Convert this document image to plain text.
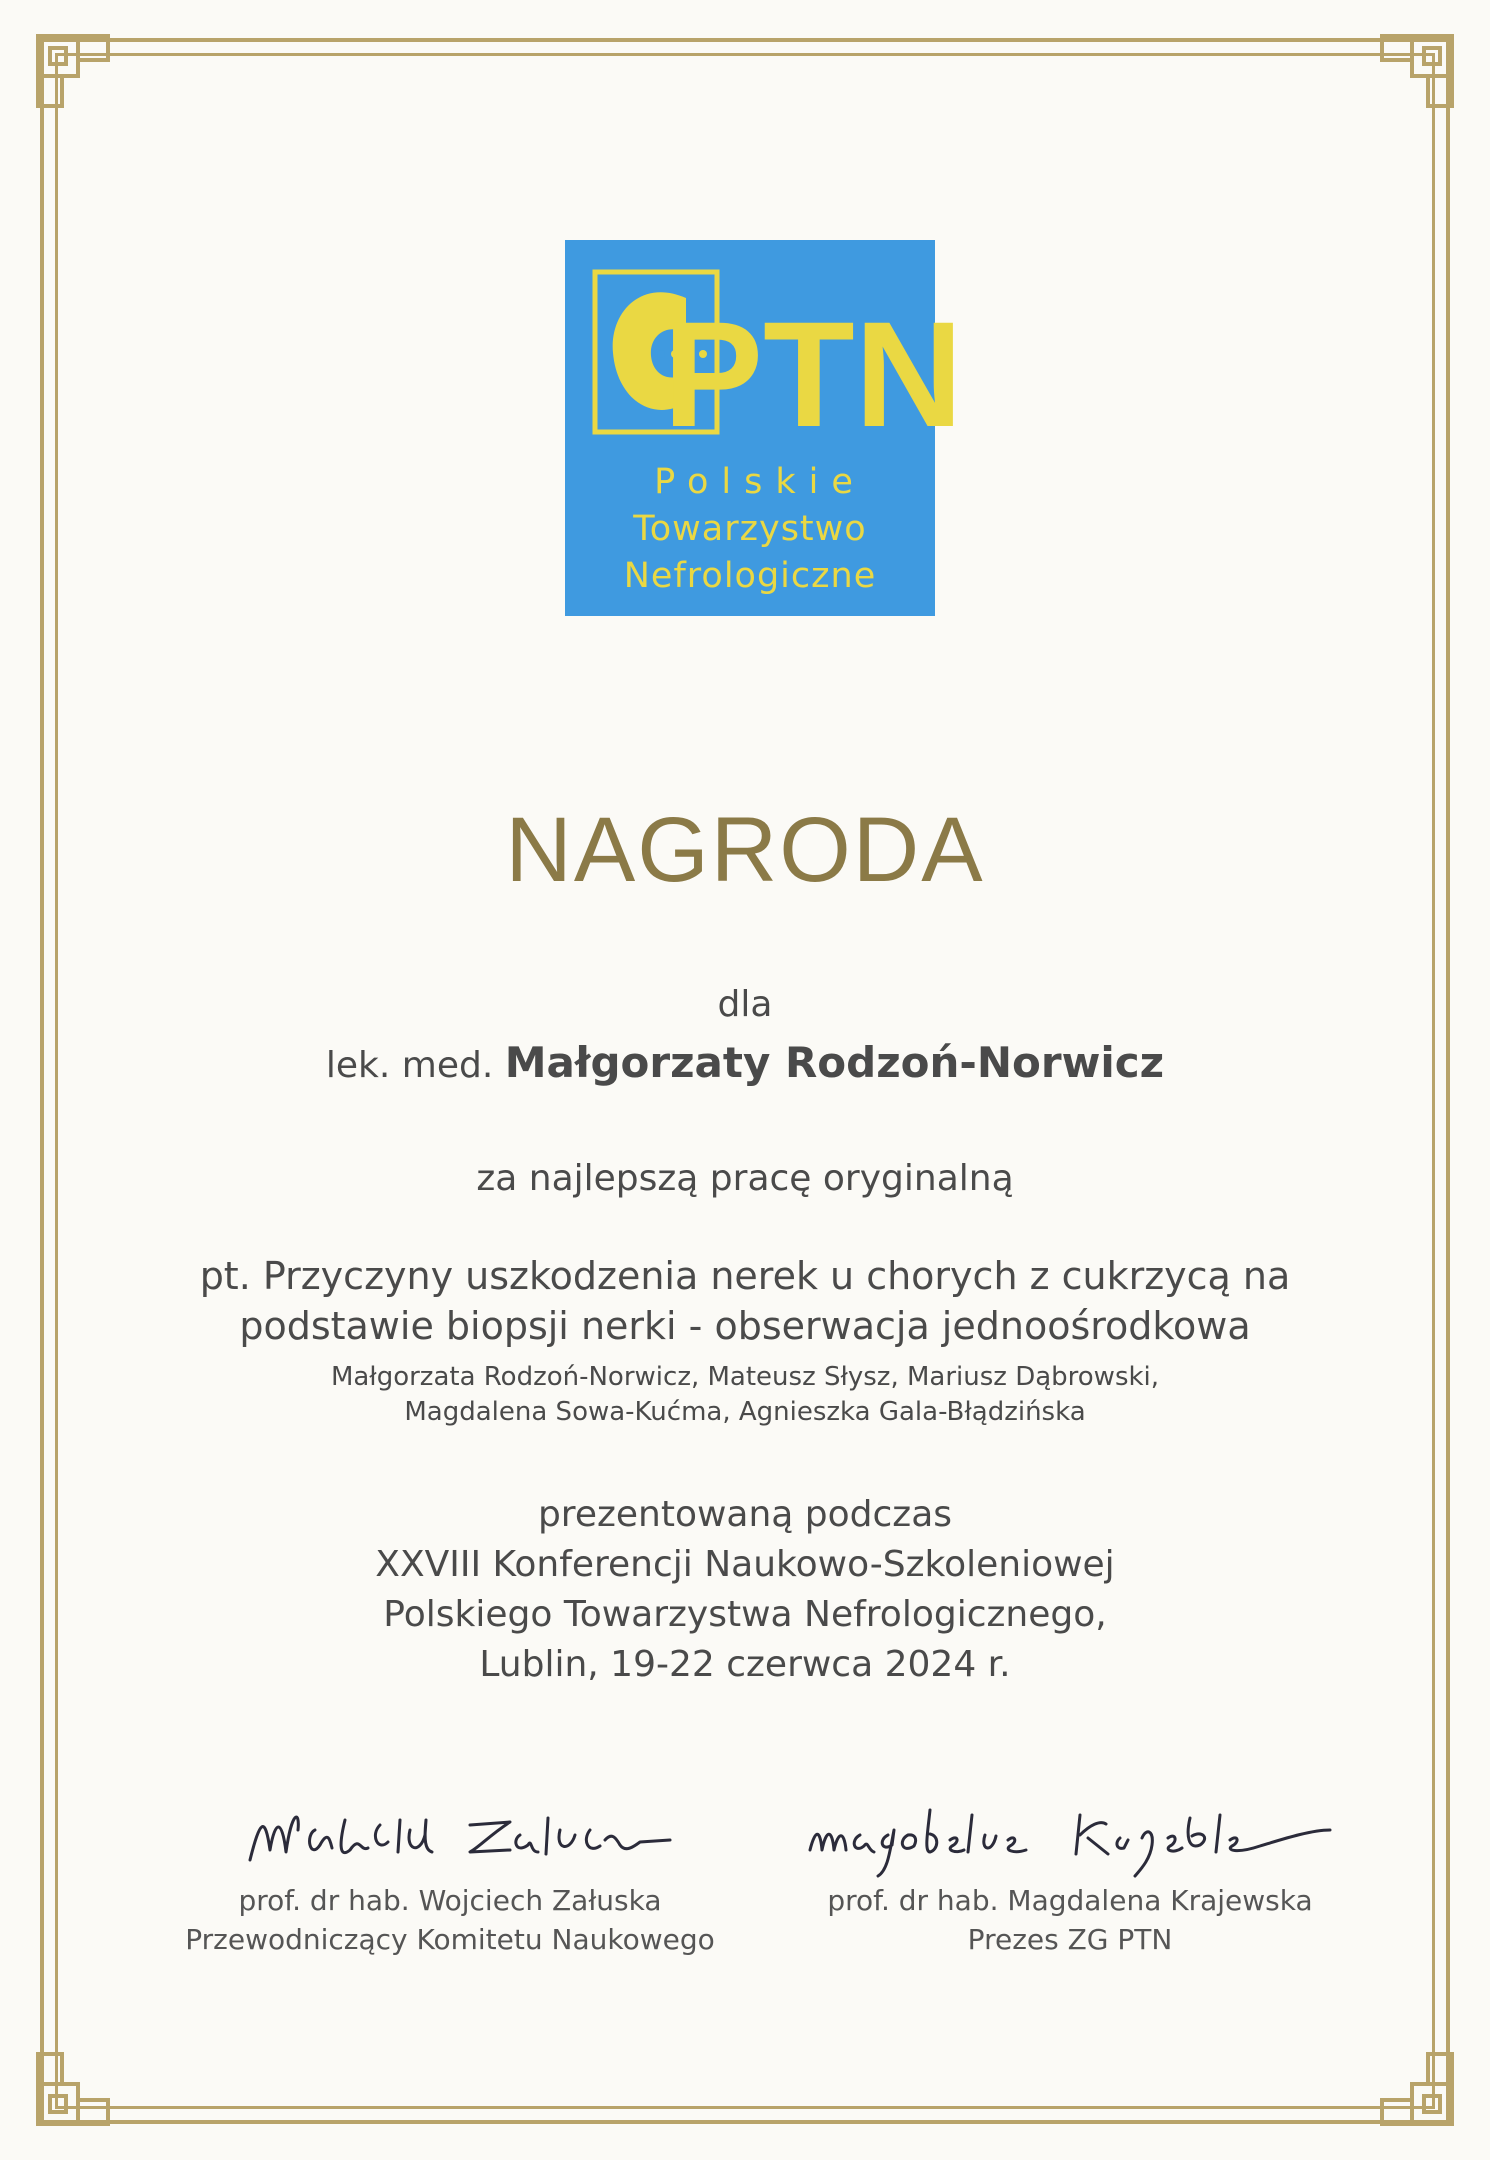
PTN
Polskie
Towarzystwo
Nefrologiczne
NAGRODA
dla
lek. med. Małgorzaty Rodzoń-Norwicz
za najlepszą pracę oryginalną
pt. Przyczyny uszkodzenia nerek u chorych z cukrzycą na
podstawie biopsji nerki - obserwacja jednoośrodkowa
Małgorzata Rodzoń-Norwicz, Mateusz Słysz, Mariusz Dąbrowski,
Magdalena Sowa-Kućma, Agnieszka Gala-Błądzińska
prezentowaną podczas
XXVIII Konferencji Naukowo-Szkoleniowej
Polskiego Towarzystwa Nefrologicznego,
Lublin, 19-22 czerwca 2024 r.
prof. dr hab. Wojciech Załuska
Przewodniczący Komitetu Naukowego
prof. dr hab. Magdalena Krajewska
Prezes ZG PTN
